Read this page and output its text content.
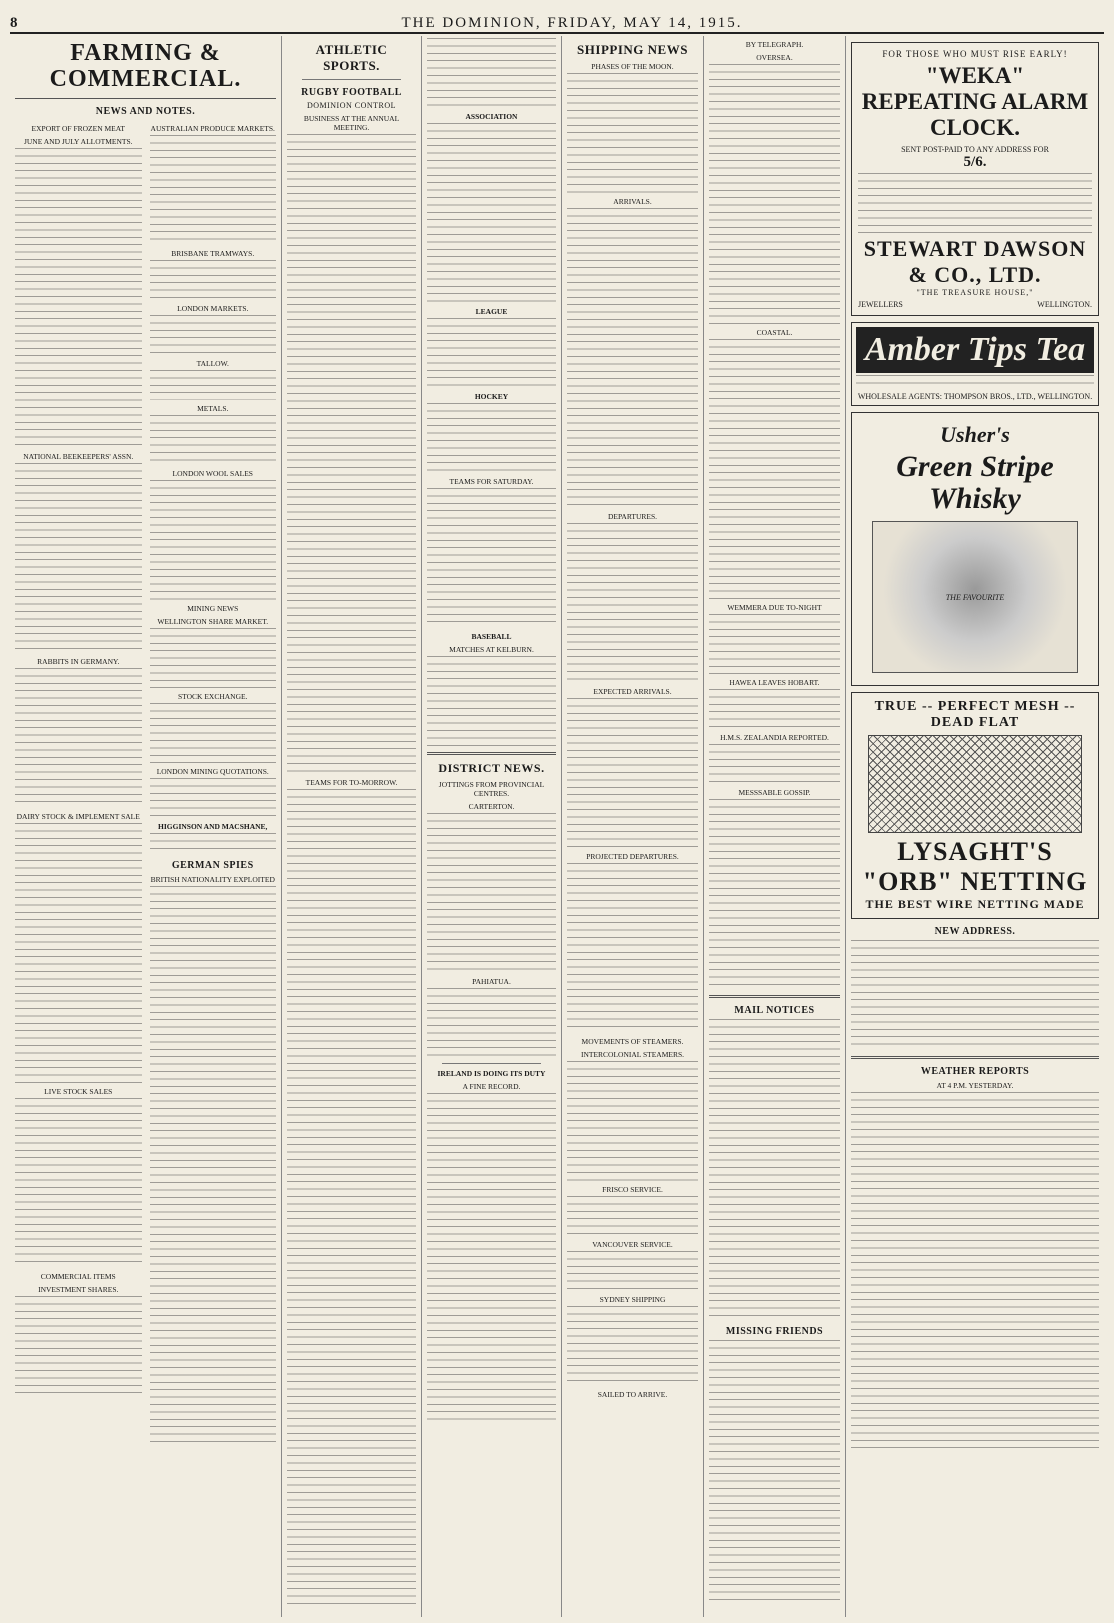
8	THE DOMINION, FRIDAY, MAY 14, 1915.
FARMING & COMMERCIAL.
NEWS AND NOTES.
EXPORT OF FROZEN MEAT
JUNE AND JULY ALLOTMENTS.
NATIONAL BEEKEEPERS' ASSN.
RABBITS IN GERMANY.
DAIRY STOCK & IMPLEMENT SALE
LIVE STOCK SALES
COMMERCIAL ITEMS
INVESTMENT SHARES.
AUSTRALIAN PRODUCE MARKETS.
BRISBANE TRAMWAYS.
LONDON MARKETS.
TALLOW.
METALS.
LONDON WOOL SALES
MINING NEWS
WELLINGTON SHARE MARKET.
STOCK EXCHANGE.
LONDON MINING QUOTATIONS.
HIGGINSON AND MACSHANE,
GERMAN SPIES
BRITISH NATIONALITY EXPLOITED
ATHLETIC SPORTS.
RUGBY FOOTBALL
DOMINION CONTROL
BUSINESS AT THE ANNUAL MEETING.
TEAMS FOR TO-MORROW.
ASSOCIATION
LEAGUE
HOCKEY
TEAMS FOR SATURDAY.
BASEBALL
MATCHES AT KELBURN.
DISTRICT NEWS.
JOTTINGS FROM PROVINCIAL CENTRES.
CARTERTON.
PAHIATUA.
IRELAND IS DOING ITS DUTY
A FINE RECORD.
SHIPPING NEWS
PHASES OF THE MOON.
ARRIVALS.
DEPARTURES.
EXPECTED ARRIVALS.
PROJECTED DEPARTURES.
MOVEMENTS OF STEAMERS.
INTERCOLONIAL STEAMERS.
FRISCO SERVICE.
VANCOUVER SERVICE.
SYDNEY SHIPPING
SAILED TO ARRIVE.
BY TELEGRAPH.
OVERSEA.
COASTAL.
WEMMERA DUE TO-NIGHT
HAWEA LEAVES HOBART.
H.M.S. ZEALANDIA REPORTED.
MESSSABLE GOSSIP.
MAIL NOTICES
MISSING FRIENDS
FOR THOSE WHO MUST RISE EARLY!
"WEKA" REPEATING ALARM CLOCK.
SENT POST-PAID TO ANY ADDRESS FOR
5/6.
STEWART DAWSON & CO., LTD.
"THE TREASURE HOUSE,"
JEWELLERS	WELLINGTON.
Amber Tips Tea
WHOLESALE AGENTS: THOMPSON BROS., LTD., WELLINGTON.
Usher's
Green Stripe Whisky
THE FAVOURITE
TRUE -- PERFECT MESH -- DEAD FLAT
LYSAGHT'S "ORB" NETTING
THE BEST WIRE NETTING MADE
NEW ADDRESS.
WEATHER REPORTS
AT 4 P.M. YESTERDAY.
